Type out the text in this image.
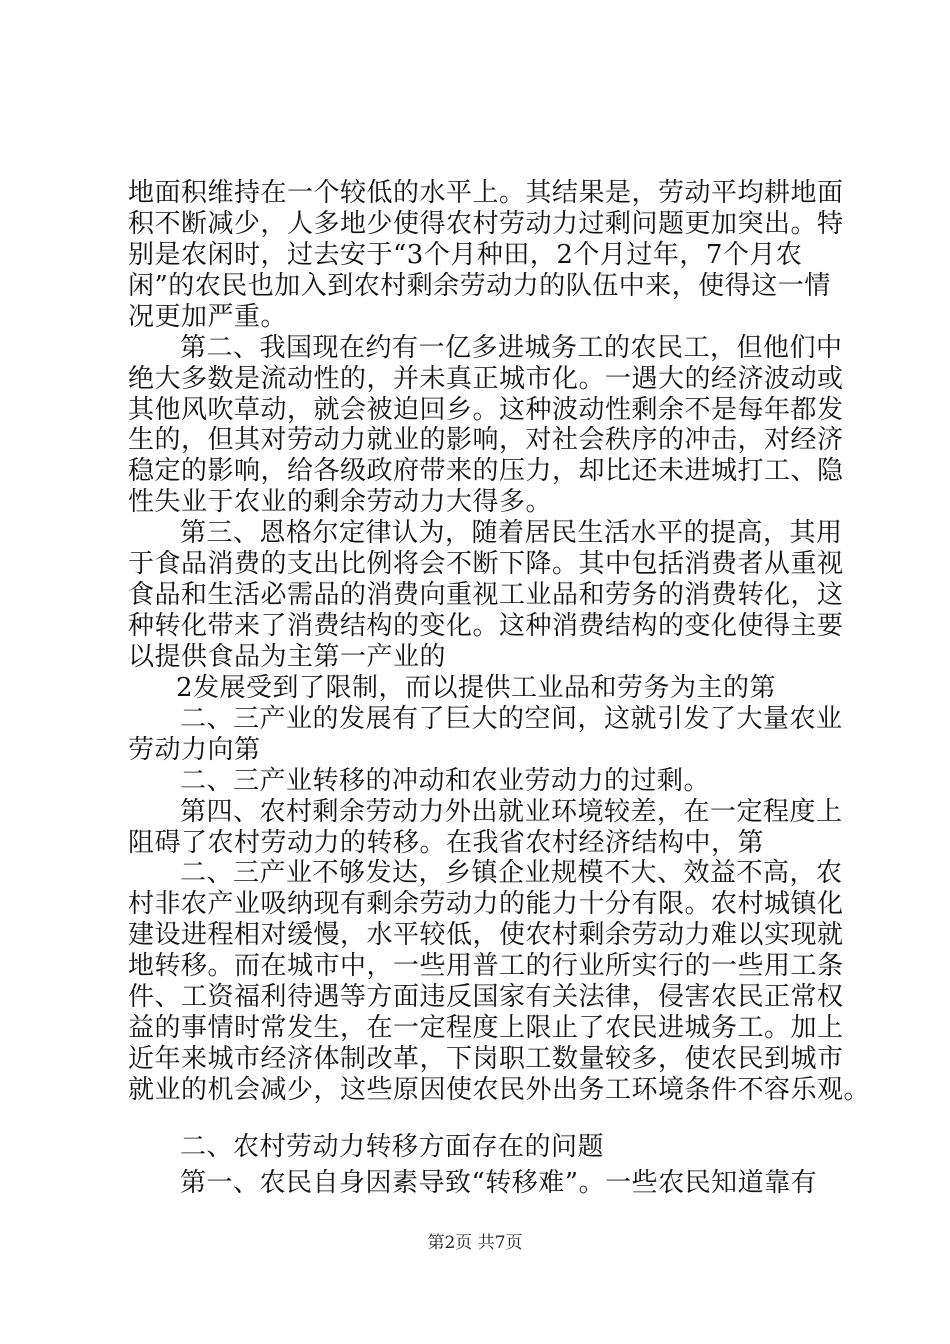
地面积维持在一个较低的水平上。其结果是，劳动平均耕地面
积不断减少，人多地少使得农村劳动力过剩问题更加突出。特
别是农闲时，过去安于“3个月种田，2个月过年，7个月农
闲”的农民也加入到农村剩余劳动力的队伍中来，使得这一情
况更加严重。
第二、我国现在约有一亿多进城务工的农民工，但他们中
绝大多数是流动性的，并未真正城市化。一遇大的经济波动或
其他风吹草动，就会被迫回乡。这种波动性剩余不是每年都发
生的，但其对劳动力就业的影响，对社会秩序的冲击，对经济
稳定的影响，给各级政府带来的压力，却比还未进城打工、隐
性失业于农业的剩余劳动力大得多。
第三、恩格尔定律认为，随着居民生活水平的提高，其用
于食品消费的支出比例将会不断下降。其中包括消费者从重视
食品和生活必需品的消费向重视工业品和劳务的消费转化，这
种转化带来了消费结构的变化。这种消费结构的变化使得主要
以提供食品为主第一产业的
2发展受到了限制，而以提供工业品和劳务为主的第
二、三产业的发展有了巨大的空间，这就引发了大量农业
劳动力向第
二、三产业转移的冲动和农业劳动力的过剩。
第四、农村剩余劳动力外出就业环境较差，在一定程度上
阻碍了农村劳动力的转移。在我省农村经济结构中，第
二、三产业不够发达，乡镇企业规模不大、效益不高，农
村非农产业吸纳现有剩余劳动力的能力十分有限。农村城镇化
建设进程相对缓慢，水平较低，使农村剩余劳动力难以实现就
地转移。而在城市中，一些用普工的行业所实行的一些用工条
件、工资福利待遇等方面违反国家有关法律，侵害农民正常权
益的事情时常发生，在一定程度上限止了农民进城务工。加上
近年来城市经济体制改革，下岗职工数量较多，使农民到城市
就业的机会减少，这些原因使农民外出务工环境条件不容乐观。
二、农村劳动力转移方面存在的问题
第一、农民自身因素导致“转移难”。一些农民知道靠有
第2页 共7页
